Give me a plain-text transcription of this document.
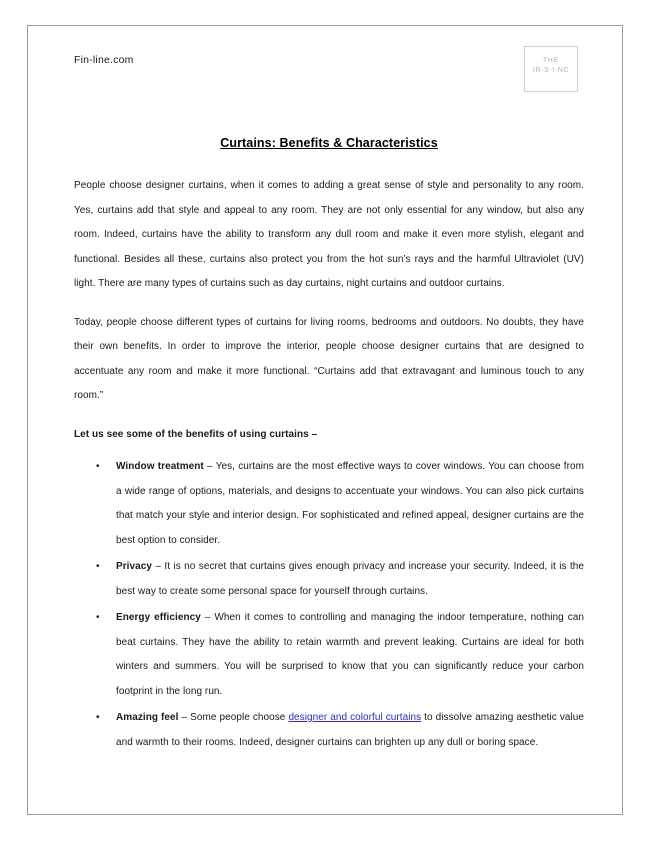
Fin-line.com	THE
IR·S·I·NC
· · ·
Curtains: Benefits & Characteristics

People choose designer curtains, when it comes to adding a great sense of style and personality to any room. Yes, curtains add that style and appeal to any room. They are not only essential for any window, but also any room. Indeed, curtains have the ability to transform any dull room and make it even more stylish, elegant and functional. Besides all these, curtains also protect you from the hot sun’s rays and the harmful Ultraviolet (UV) light. There are many types of curtains such as day curtains, night curtains and outdoor curtains.

Today, people choose different types of curtains for living rooms, bedrooms and outdoors. No doubts, they have their own benefits. In order to improve the interior, people choose designer curtains that are designed to accentuate any room and make it more functional. “Curtains add that extravagant and luminous touch to any room.”

Let us see some of the benefits of using curtains –

• Window treatment – Yes, curtains are the most effective ways to cover windows. You can choose from a wide range of options, materials, and designs to accentuate your windows. You can also pick curtains that match your style and interior design. For sophisticated and refined appeal, designer curtains are the best option to consider.
• Privacy – It is no secret that curtains gives enough privacy and increase your security. Indeed, it is the best way to create some personal space for yourself through curtains.
• Energy efficiency – When it comes to controlling and managing the indoor temperature, nothing can beat curtains. They have the ability to retain warmth and prevent leaking. Curtains are ideal for both winters and summers. You will be surprised to know that you can significantly reduce your carbon footprint in the long run.
• Amazing feel – Some people choose designer and colorful curtains to dissolve amazing aesthetic value and warmth to their rooms. Indeed, designer curtains can brighten up any dull or boring space.
